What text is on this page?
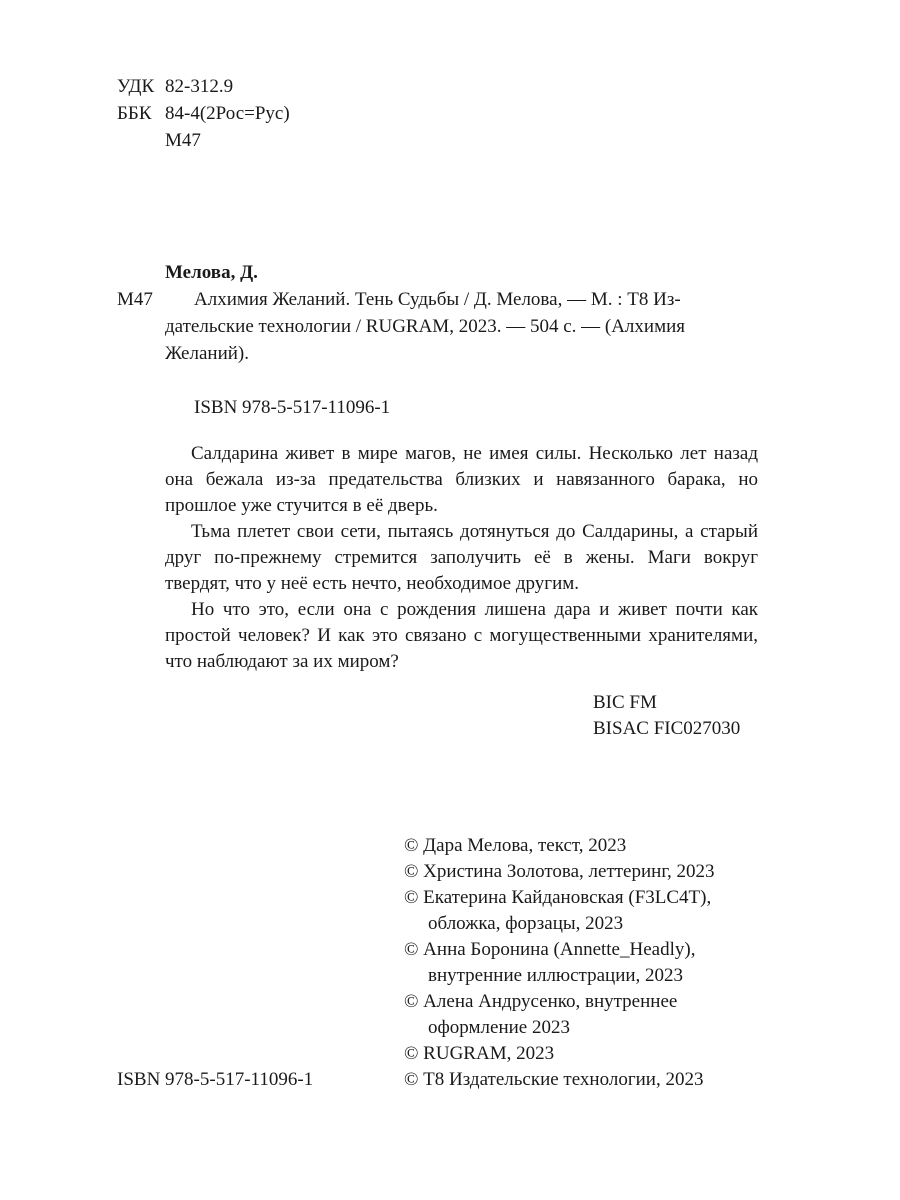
УДК 82-312.9
ББК 84-4(2Рос=Рус)
М47
Мелова, Д.
М47 Алхимия Желаний. Тень Судьбы / Д. Мелова, — М. : Т8 Из-
дательские технологии / RUGRAM, 2023. — 504 с. — (Алхимия
Желаний).
ISBN 978-5-517-11096-1

Салдарина живет в мире магов, не имея силы. Несколько лет назад она бежала из-за предательства близких и навязанного барака, но прошлое уже стучится в её дверь.

Тьма плетет свои сети, пытаясь дотянуться до Салдарины, а старый друг по-прежнему стремится заполучить её в жены. Маги вокруг твердят, что у неё есть нечто, необходимое другим.

Но что это, если она с рождения лишена дара и живет почти как простой человек? И как это связано с могущественными хранителями, что наблюдают за их миром?

BIC FM
BISAC FIC027030
© Дара Мелова, текст, 2023
© Христина Золотова, леттеринг, 2023
© Екатерина Кайдановская (F3LC4T),
обложка, форзацы, 2023
© Анна Боронина (Annette_Headly),
внутренние иллюстрации, 2023
© Алена Андрусенко, внутреннее
оформление 2023
© RUGRAM, 2023
© Т8 Издательские технологии, 2023
ISBN 978-5-517-11096-1
